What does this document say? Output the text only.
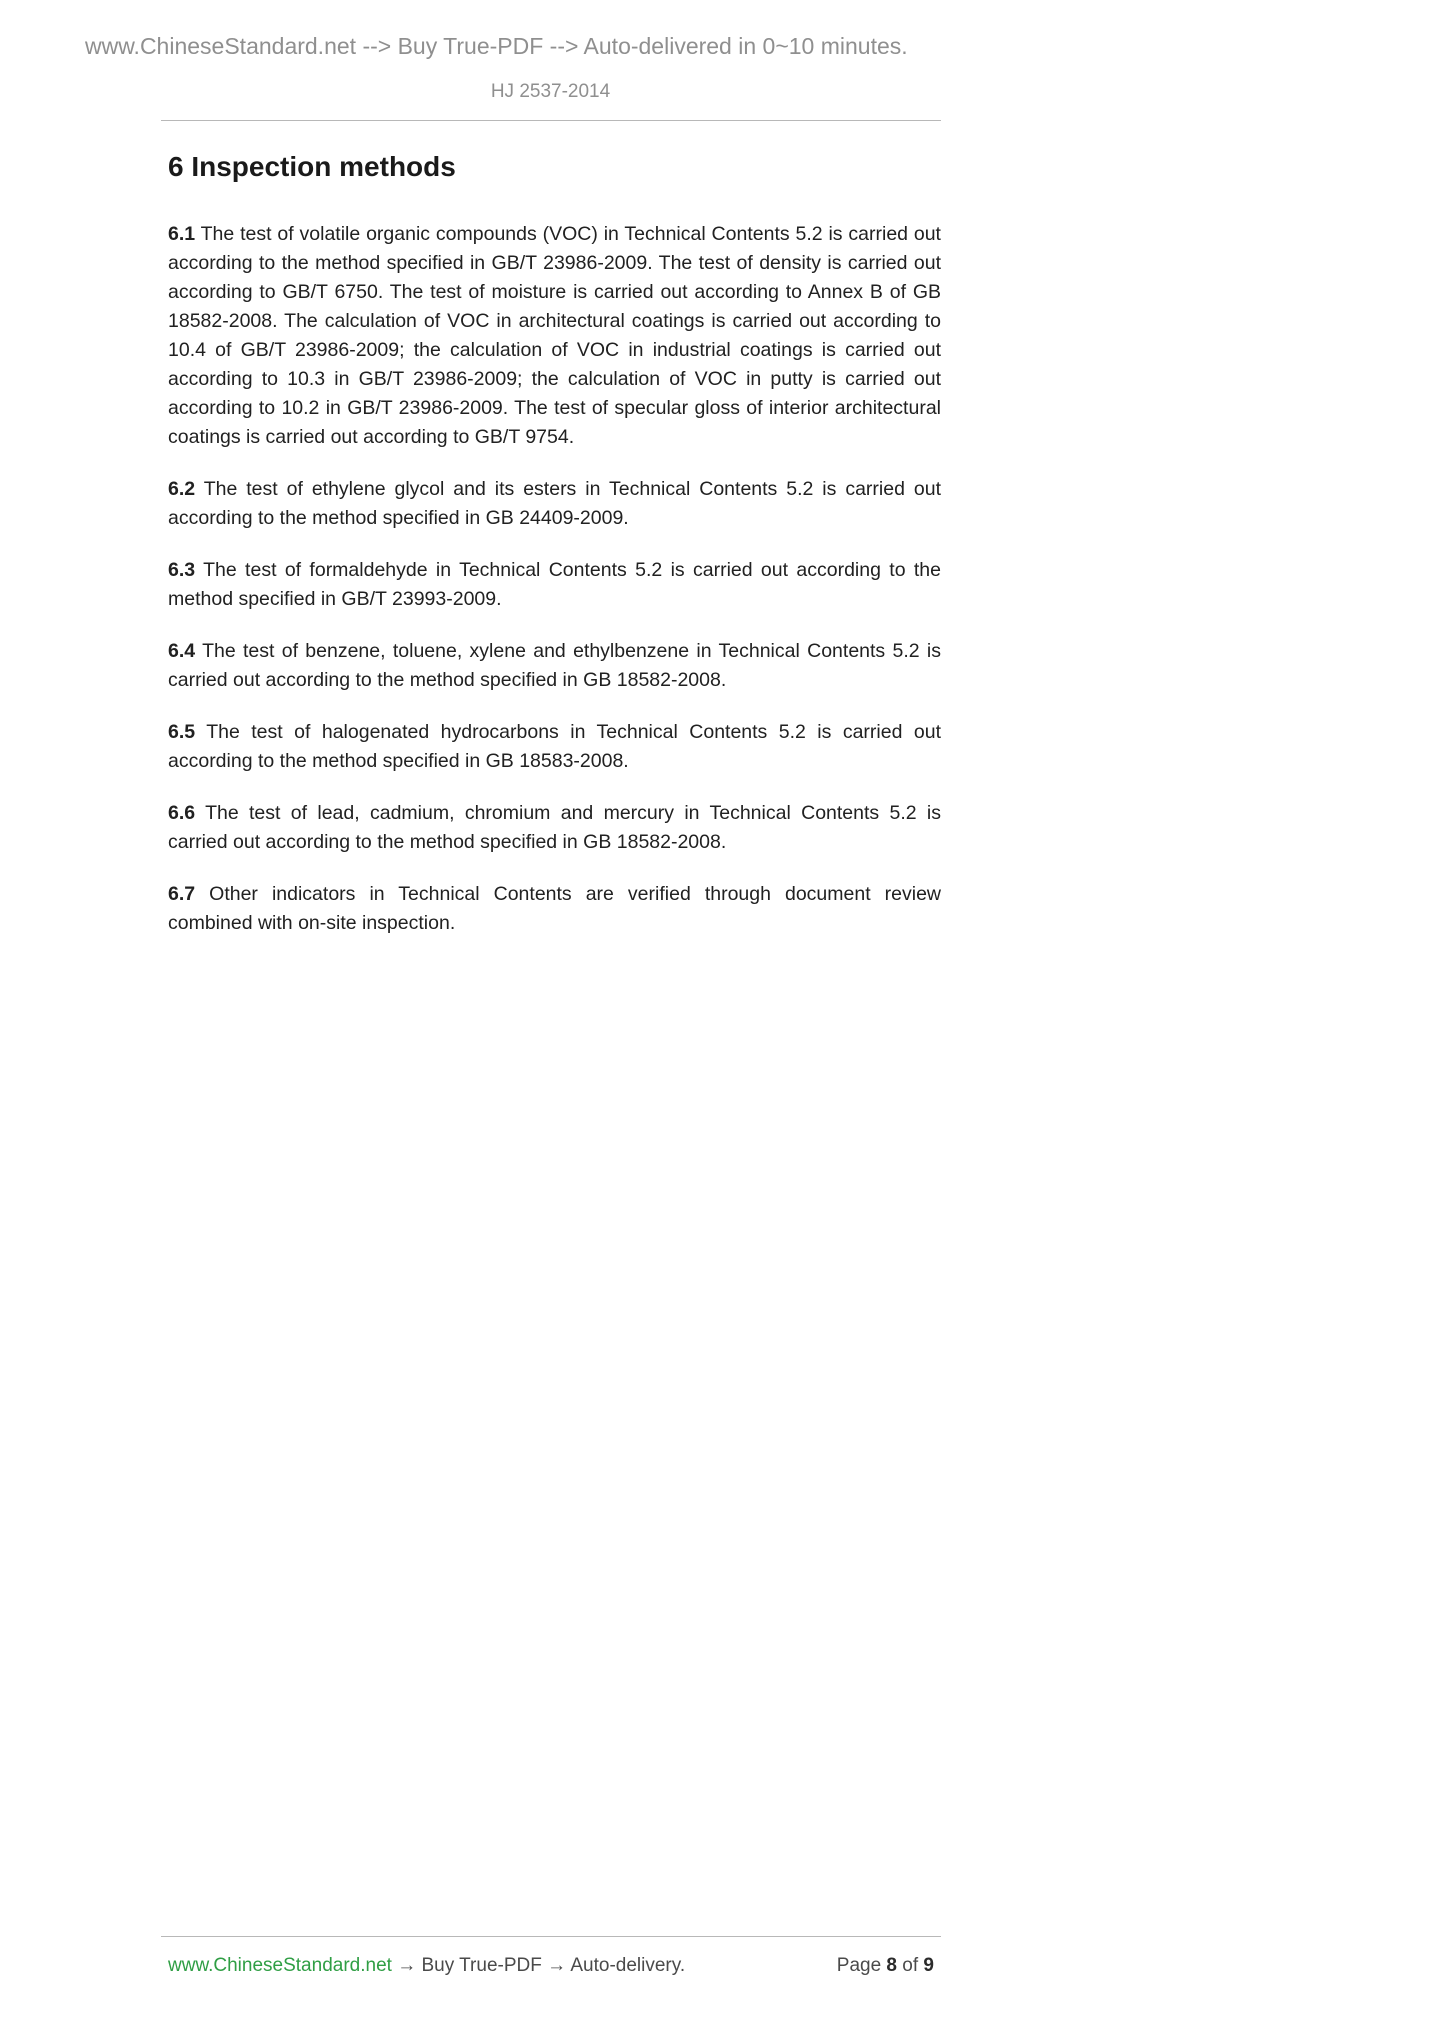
www.ChineseStandard.net --> Buy True-PDF --> Auto-delivered in 0~10 minutes.
HJ 2537-2014
6 Inspection methods

6.1 The test of volatile organic compounds (VOC) in Technical Contents 5.2 is carried out according to the method specified in GB/T 23986-2009. The test of density is carried out according to GB/T 6750. The test of moisture is carried out according to Annex B of GB 18582-2008. The calculation of VOC in architectural coatings is carried out according to 10.4 of GB/T 23986-2009; the calculation of VOC in industrial coatings is carried out according to 10.3 in GB/T 23986-2009; the calculation of VOC in putty is carried out according to 10.2 in GB/T 23986-2009. The test of specular gloss of interior architectural coatings is carried out according to GB/T 9754.

6.2 The test of ethylene glycol and its esters in Technical Contents 5.2 is carried out according to the method specified in GB 24409-2009.

6.3 The test of formaldehyde in Technical Contents 5.2 is carried out according to the method specified in GB/T 23993-2009.

6.4 The test of benzene, toluene, xylene and ethylbenzene in Technical Contents 5.2 is carried out according to the method specified in GB 18582-2008.

6.5 The test of halogenated hydrocarbons in Technical Contents 5.2 is carried out according to the method specified in GB 18583-2008.

6.6 The test of lead, cadmium, chromium and mercury in Technical Contents 5.2 is carried out according to the method specified in GB 18582-2008.

6.7 Other indicators in Technical Contents are verified through document review combined with on-site inspection.

www.ChineseStandard.net → Buy True-PDF → Auto-delivery.	Page 8 of 9
